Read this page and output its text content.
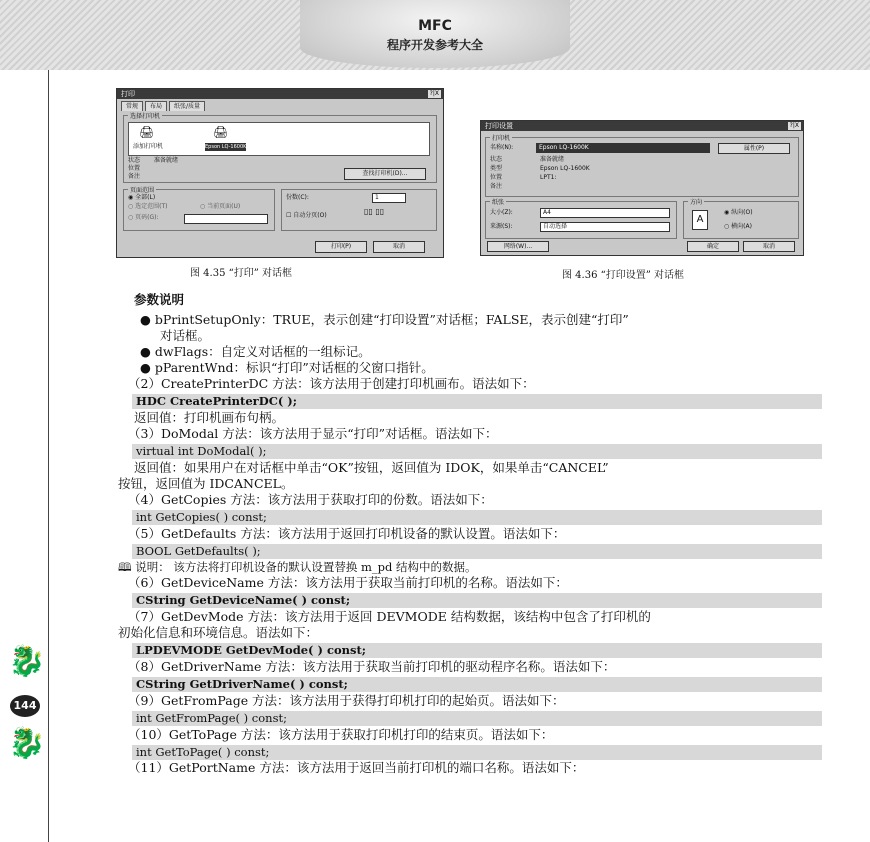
MFC
程序开发参考大全
🐉
144
🐉
打印	?|X
常规	布局	纸张/质量
选择打印机
🖨
添加打印机
🖨
Epson LQ-1600K
状态 准备就绪
位置
备注	查找打印机(D)...
页面范围
◉ 全部(L)
○ 选定范围(T)	○ 当前页面(U)
○ 页码(G):
份数(C):	1
☐ 自动分页(O)	▯▯ ▯▯
打印(P)	取消
图 4.35 “打印” 对话框
打印设置	?|X
打印机
名称(N):	Epson LQ-1600K	属性(P)
状态	准备就绪
类型	Epson LQ-1600K
位置	LPT1:
备注
纸张
大小(Z):	A4
来源(S):	自动选择
方向
A
◉ 纵向(O)
○ 横向(A)
网络(W)...	确定	取消
图 4.36 “打印设置” 对话框
参数说明
● bPrintSetupOnly：TRUE，表示创建“打印设置”对话框；FALSE，表示创建“打印”
对话框。
● dwFlags：自定义对话框的一组标记。
● pParentWnd：标识“打印”对话框的父窗口指针。
（2）CreatePrinterDC 方法：该方法用于创建打印机画布。语法如下：
HDC CreatePrinterDC( );
返回值：打印机画布句柄。
（3）DoModal 方法：该方法用于显示“打印”对话框。语法如下：
virtual int DoModal( );
返回值：如果用户在对话框中单击“OK”按钮，返回值为 IDOK，如果单击“CANCEL”
按钮，返回值为 IDCANCEL。
（4）GetCopies 方法：该方法用于获取打印的份数。语法如下：
int GetCopies( ) const;
（5）GetDefaults 方法：该方法用于返回打印机设备的默认设置。语法如下：
BOOL GetDefaults( );
🕮 说明： 该方法将打印机设备的默认设置替换 m_pd 结构中的数据。
（6）GetDeviceName 方法：该方法用于获取当前打印机的名称。语法如下：
CString GetDeviceName( ) const;
（7）GetDevMode 方法：该方法用于返回 DEVMODE 结构数据，该结构中包含了打印机的
初始化信息和环境信息。语法如下：
LPDEVMODE GetDevMode( ) const;
（8）GetDriverName 方法：该方法用于获取当前打印机的驱动程序名称。语法如下：
CString GetDriverName( ) const;
（9）GetFromPage 方法：该方法用于获得打印机打印的起始页。语法如下：
int GetFromPage( ) const;
（10）GetToPage 方法：该方法用于获取打印机打印的结束页。语法如下：
int GetToPage( ) const;
（11）GetPortName 方法：该方法用于返回当前打印机的端口名称。语法如下：
